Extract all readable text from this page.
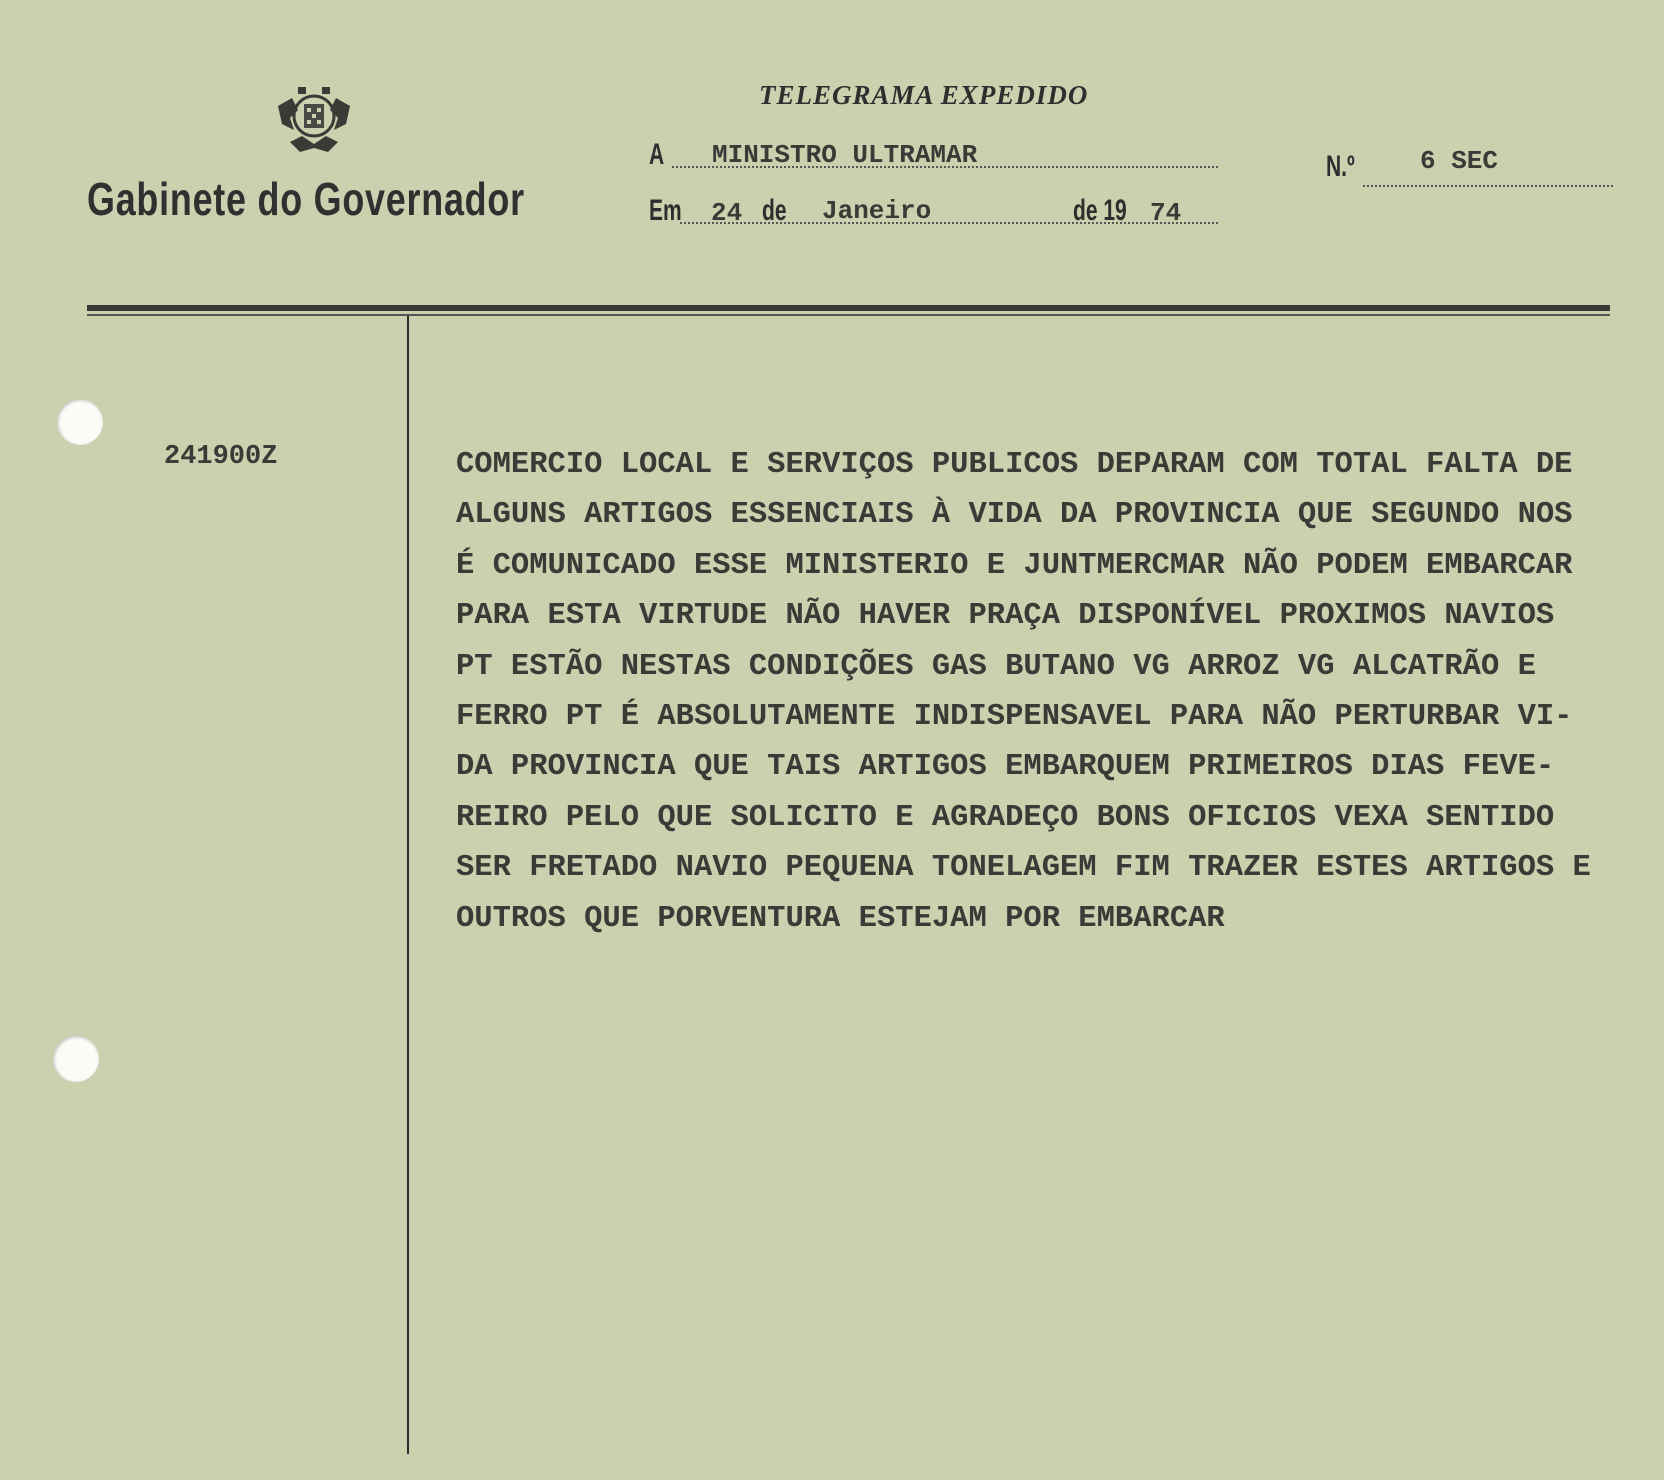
Gabinete do Governador
TELEGRAMA EXPEDIDO
A MINISTRO ULTRAMAR	N.º	6 SEC
Em 24 de Janeiro	de 19 74
241900Z	COMERCIO LOCAL E SERVIÇOS PUBLICOS DEPARAM COM TOTAL FALTA DE
ALGUNS ARTIGOS ESSENCIAIS À VIDA DA PROVINCIA QUE SEGUNDO NOS
É COMUNICADO ESSE MINISTERIO E JUNTMERCMAR NÃO PODEM EMBARCAR
PARA ESTA VIRTUDE NÃO HAVER PRAÇA DISPONÍVEL PROXIMOS NAVIOS
PT ESTÃO NESTAS CONDIÇÕES GAS BUTANO VG ARROZ VG ALCATRÃO E
FERRO PT É ABSOLUTAMENTE INDISPENSAVEL PARA NÃO PERTURBAR VI-
DA PROVINCIA QUE TAIS ARTIGOS EMBARQUEM PRIMEIROS DIAS FEVE-
REIRO PELO QUE SOLICITO E AGRADEÇO BONS OFICIOS VEXA SENTIDO
SER FRETADO NAVIO PEQUENA TONELAGEM FIM TRAZER ESTES ARTIGOS E
OUTROS QUE PORVENTURA ESTEJAM POR EMBARCAR
